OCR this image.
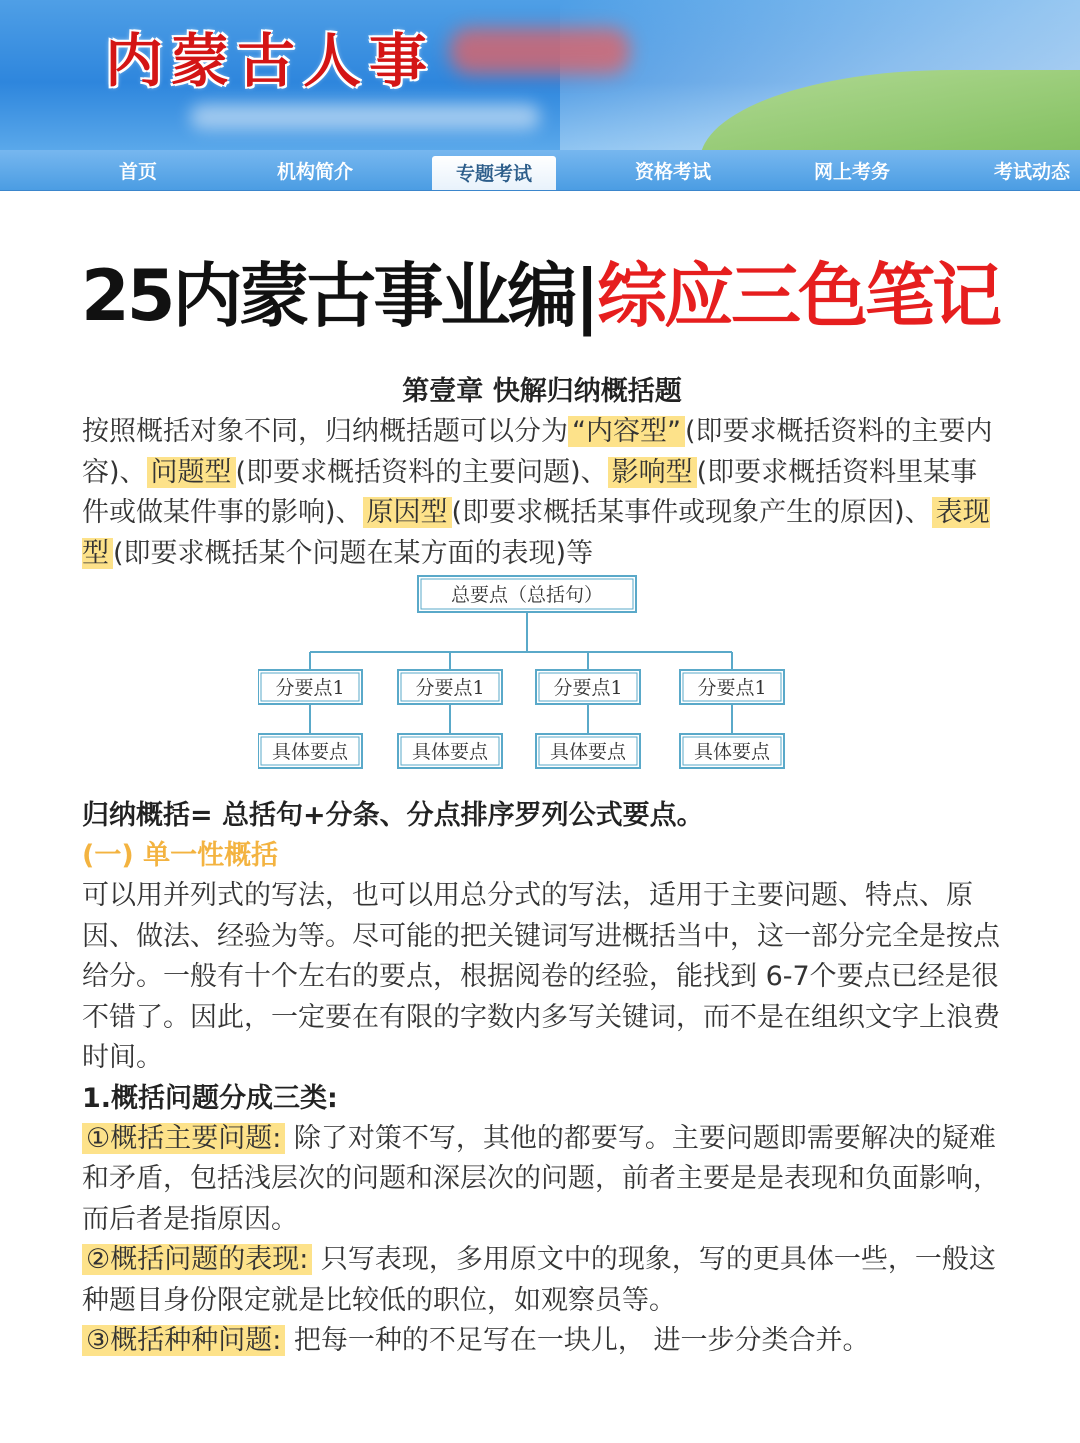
内蒙古人事
首页	机构简介	专题考试	资格考试	网上考务	考试动态
25内蒙古事业编|综应三色笔记
第壹章 快解归纳概括题

按照概括对象不同，归纳概括题可以分为 “内容型” (即要求概括资料的主要内容)、 问题型 (即要求概括资料的主要问题)、 影响型 (即要求概括资料里某事件或做某件事的影响)、 原因型 (即要求概括某事件或现象产生的原因)、 表现型 (即要求概括某个问题在某方面的表现)等

总要点（总括句）
分要点1
具体要点
分要点1
具体要点
分要点1
具体要点
分要点1
具体要点
归纳概括= 总括句+分条、分点排序罗列公式要点。
(一) 单一性概括

可以用并列式的写法，也可以用总分式的写法，适用于主要问题、特点、原因、做法、经验为等。尽可能的把关键词写进概括当中，这一部分完全是按点给分。一般有十个左右的要点，根据阅卷的经验，能找到 6-7个要点已经是很不错了。因此，一定要在有限的字数内多写关键词，而不是在组织文字上浪费时间。

1.概括问题分成三类:

①概括主要问题: 除了对策不写，其他的都要写。主要问题即需要解决的疑难和矛盾，包括浅层次的问题和深层次的问题，前者主要是是表现和负面影响，而后者是指原因。

②概括问题的表现: 只写表现，多用原文中的现象，写的更具体一些，一般这种题目身份限定就是比较低的职位，如观察员等。

③概括种种问题: 把每一种的不足写在一块儿， 进一步分类合并。
